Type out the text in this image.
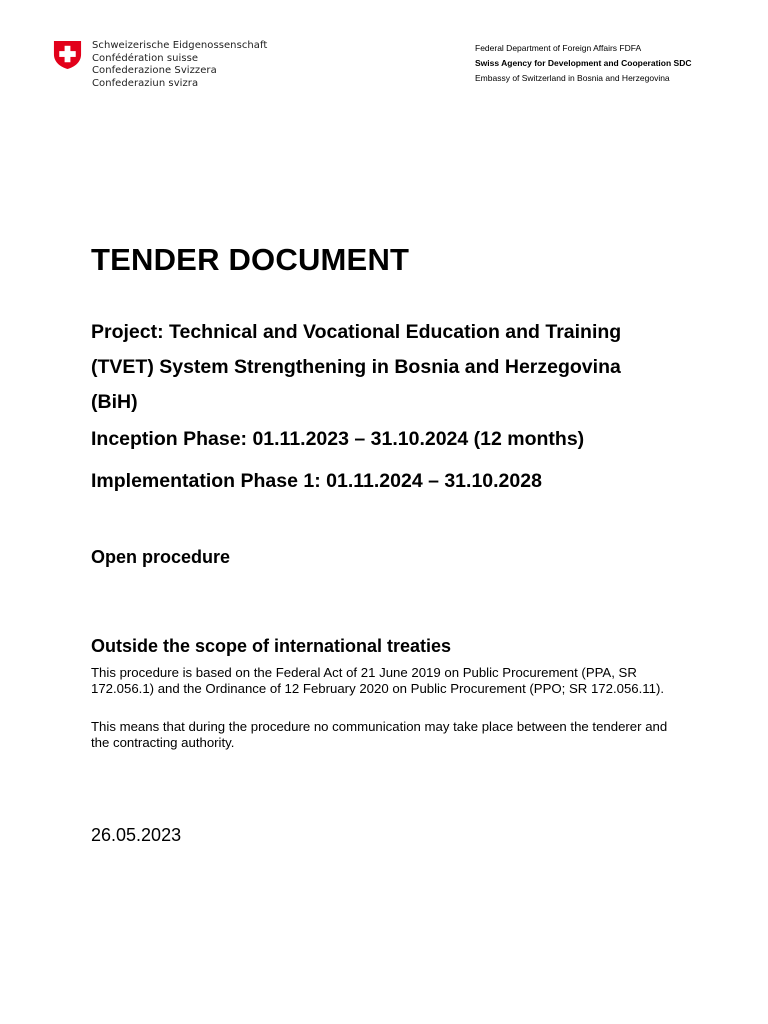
Schweizerische Eidgenossenschaft
Confédération suisse
Confederazione Svizzera
Confederaziun svizra
Federal Department of Foreign Affairs FDFA
Swiss Agency for Development and Cooperation SDC
Embassy of Switzerland in Bosnia and Herzegovina
TENDER DOCUMENT
Project: Technical and Vocational Education and Training (TVET) System Strengthening in Bosnia and Herzegovina (BiH)
Inception Phase: 01.11.2023 – 31.10.2024 (12 months)
Implementation Phase 1: 01.11.2024 – 31.10.2028
Open procedure
Outside the scope of international treaties
This procedure is based on the Federal Act of 21 June 2019 on Public Procurement (PPA, SR 172.056.1) and the Ordinance of 12 February 2020 on Public Procurement (PPO; SR 172.056.11).
This means that during the procedure no communication may take place between the tenderer and the contracting authority.
26.05.2023
